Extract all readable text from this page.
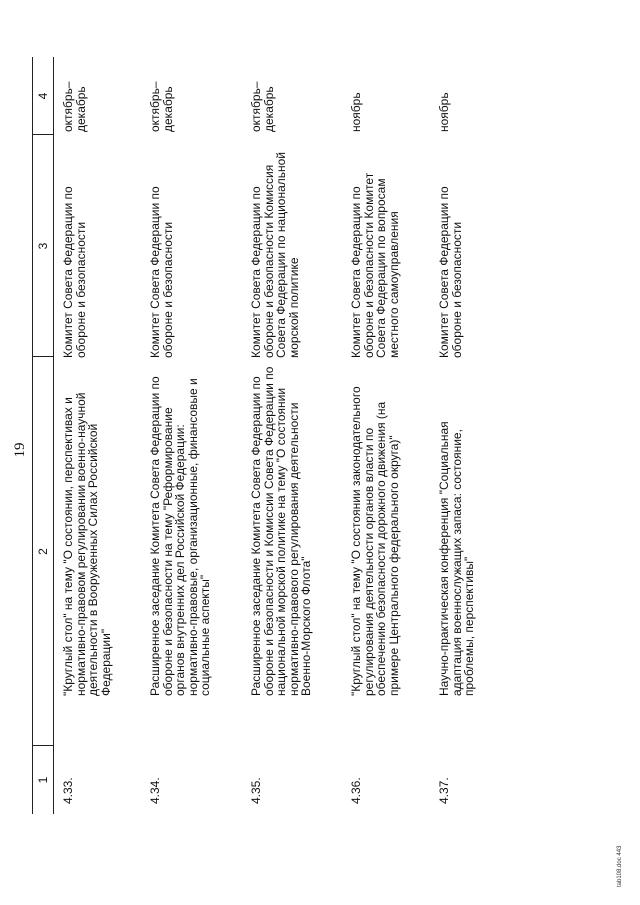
19
1
2
3
4
4.33.
"Круглый стол" на тему "О состоянии, перспективах и нормативно-правовом регулировании военно-научной деятельности в Вооруженных Силах Российской Федерации"
Комитет Совета Федерации по обороне и безопасности
октябрь–декабрь
4.34.
Расширенное заседание Комитета Совета Федерации по обороне и безопасности на тему "Реформирование органов внутренних дел Российской Федерации: нормативно-правовые, организационные, финансовые и социальные аспекты"
Комитет Совета Федерации по обороне и безопасности
октябрь–декабрь
4.35.
Расширенное заседание Комитета Совета Федерации по обороне и безопасности и Комиссии Совета Федерации по национальной морской политике на тему "О состоянии нормативно-правового регулирования деятельности Военно-Морского Флота"
Комитет Совета Федерации по обороне и безопасности Комиссия Совета Федерации по национальной морской политике
октябрь–декабрь
4.36.
"Круглый стол" на тему "О состоянии законодательного регулирования деятельности органов власти по обеспечению безопасности дорожного движения (на примере Центрального федерального округа)"
Комитет Совета Федерации по обороне и безопасности Комитет Совета Федерации по вопросам местного самоуправления
ноябрь
4.37.
Научно-практическая конференция "Социальная адаптация военнослужащих запаса: состояние, проблемы, перспективы"
Комитет Совета Федерации по обороне и безопасности
ноябрь
tab108.doc 443
